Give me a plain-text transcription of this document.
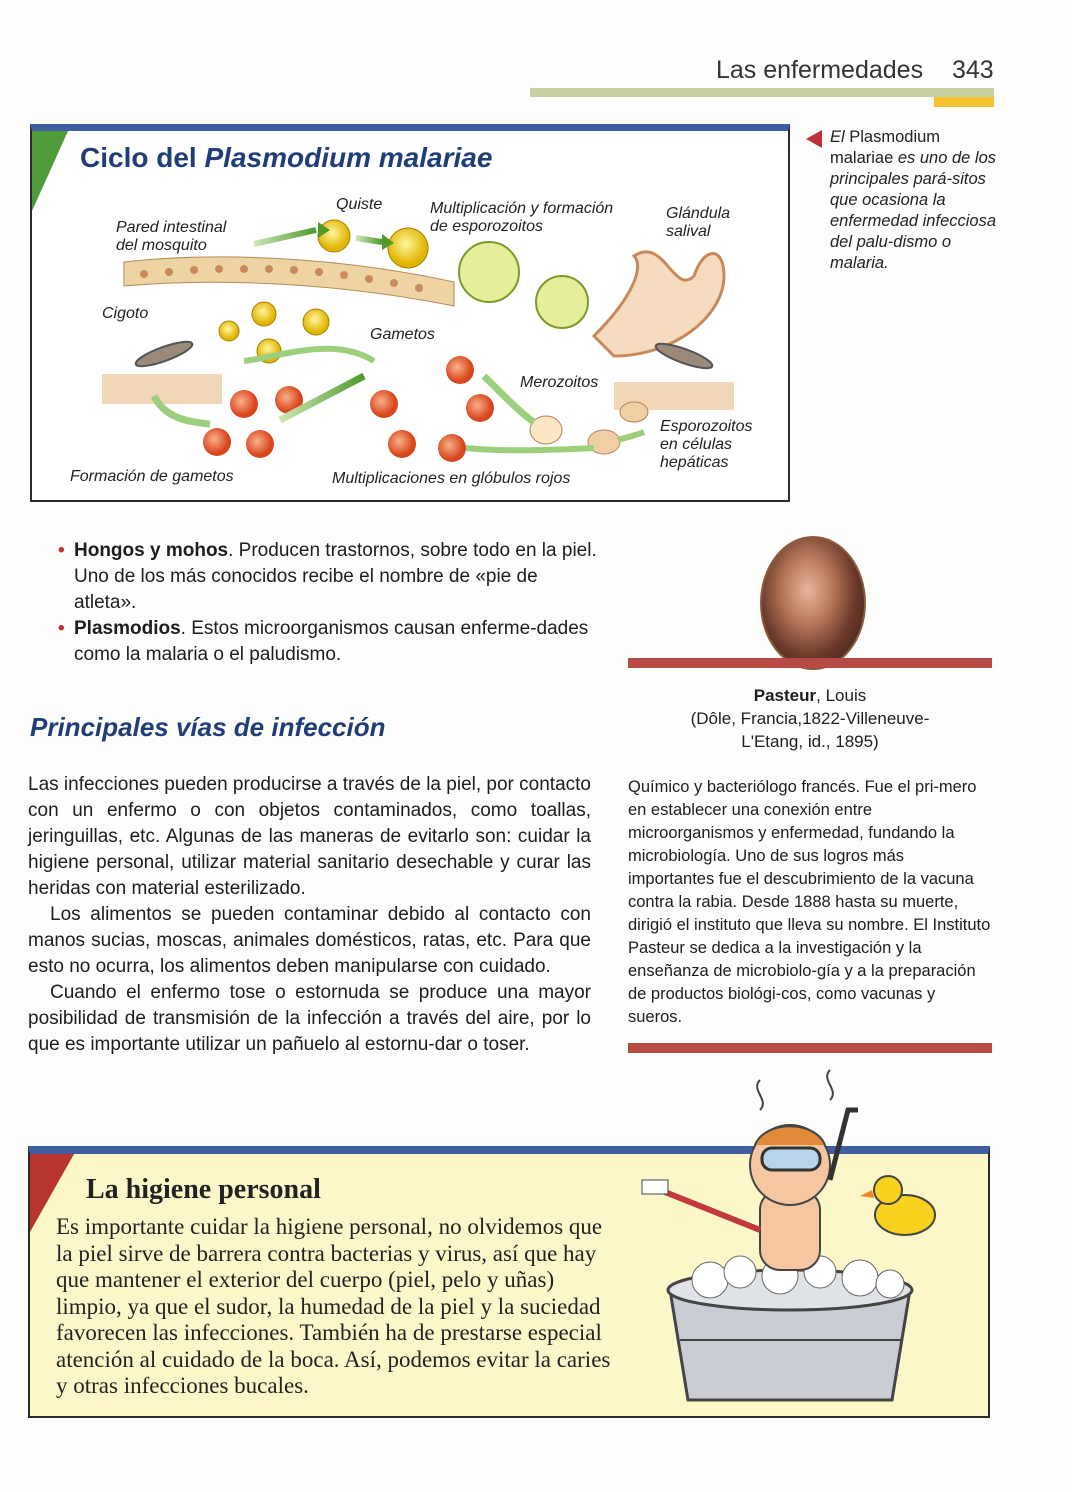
Las enfermedades 343
Ciclo del Plasmodium malariae
Quiste	Multiplicación y formación
de esporozoitos
Glándula
salival
Pared intestinal
del mosquito
Cigoto
Gametos
Merozoitos
Esporozoitos
en células
hepáticas
Formación de gametos	Multiplicaciones en glóbulos rojos
El Plasmodium
malariae es uno de los principales pará-sitos que ocasiona la enfermedad infecciosa del palu-dismo o malaria.
• Hongos y mohos. Producen trastornos, sobre todo en la piel. Uno de los más conocidos recibe el nombre de «pie de atleta».
• Plasmodios. Estos microorganismos causan enferme-dades como la malaria o el paludismo.
Principales vías de infección

Las infecciones pueden producirse a través de la piel, por contacto con un enfermo o con objetos contaminados, como toallas, jeringuillas, etc. Algunas de las maneras de evitarlo son: cuidar la higiene personal, utilizar material sanitario desechable y curar las heridas con material esterilizado.

Los alimentos se pueden contaminar debido al contacto con manos sucias, moscas, animales domésticos, ratas, etc. Para que esto no ocurra, los alimentos deben manipularse con cuidado.

Cuando el enfermo tose o estornuda se produce una mayor posibilidad de transmisión de la infección a través del aire, por lo que es importante utilizar un pañuelo al estornu-dar o toser.

Pasteur, Louis
(Dôle, Francia,1822-Villeneuve-
L'Etang, id., 1895)
Químico y bacteriólogo francés. Fue el pri-mero en establecer una conexión entre microorganismos y enfermedad, fundando la microbiología. Uno de sus logros más importantes fue el descubrimiento de la vacuna contra la rabia. Desde 1888 hasta su muerte, dirigió el instituto que lleva su nombre. El Instituto Pasteur se dedica a la investigación y la enseñanza de microbiolo-gía y a la preparación de productos biológi-cos, como vacunas y sueros.
La higiene personal
Es importante cuidar la higiene personal, no olvidemos que la piel sirve de barrera contra bacterias y virus, así que hay que mantener el exterior del cuerpo (piel, pelo y uñas) limpio, ya que el sudor, la humedad de la piel y la suciedad favorecen las infecciones. También ha de prestarse especial atención al cuidado de la boca. Así, podemos evitar la caries y otras infecciones bucales.
